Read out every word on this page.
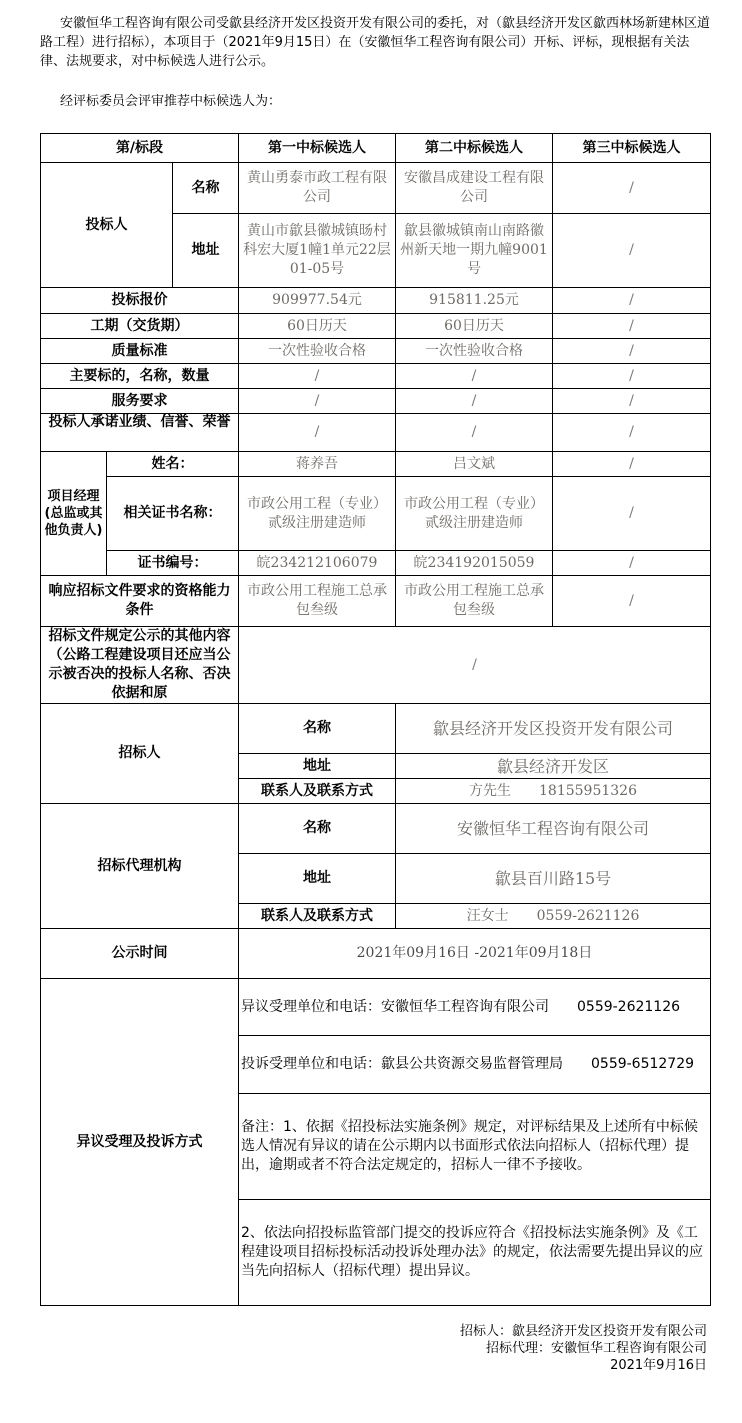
安徽恒华工程咨询有限公司受歙县经济开发区投资开发有限公司的委托，对（歙县经济开发区歙西林场新建林区道路工程）进行招标），本项目于（2021年9月15日）在（安徽恒华工程咨询有限公司）开标、评标，现根据有关法律、法规要求，对中标候选人进行公示。
经评标委员会评审推荐中标候选人为：
第/标段			第一中标候选人	第二中标候选人	第三中标候选人
投标人		名称	黄山勇泰市政工程有限公司	安徽昌成建设工程有限公司	/
		地址	黄山市歙县徽城镇旸村科宏大厦1幢1单元22层01-05号	歙县徽城镇南山南路徽州新天地一期九幢9001号	/
投标报价			909977.54元	915811.25元	/
工期（交货期）			60日历天	60日历天	/
质量标准			一次性验收合格	一次性验收合格	/
主要标的，名称，数量			/	/	/
服务要求			/	/	/
投标人承诺业绩、信誉、荣誉			/	/	/
项目经理(总监或其他负责人)	姓名：		蒋养吾	吕文斌	/
	相关证书名称：		市政公用工程（专业）贰级注册建造师	市政公用工程（专业）贰级注册建造师	/
	证书编号：		皖234212106079	皖234192015059	/
响应招标文件要求的资格能力条件			市政公用工程施工总承包叁级	市政公用工程施工总承包叁级	/

招标文件规定公示的其他内容（公路工程建设项目还应当公示被否决的投标人名称、否决依据和原			/		
招标人			名称	歙县经济开发区投资开发有限公司	
			地址	歙县经济开发区	
			联系人及联系方式	方先生　　18155951326	
招标代理机构			名称	安徽恒华工程咨询有限公司	
			地址	歙县百川路15号	
			联系人及联系方式	汪女士　　0559-2621126	
公示时间			2021年09月16日 -2021年09月18日		
异议受理及投诉方式			异议受理单位和电话：安徽恒华工程咨询有限公司　　0559-2621126		
			投诉受理单位和电话：歙县公共资源交易监督管理局　　0559-6512729		
			备注：1、依据《招投标法实施条例》规定，对评标结果及上述所有中标候选人情况有异议的请在公示期内以书面形式依法向招标人（招标代理）提出，逾期或者不符合法定规定的，招标人一律不予接收。		
			2、依法向招投标监管部门提交的投诉应符合《招投标法实施条例》及《工程建设项目招标投标活动投诉处理办法》的规定，依法需要先提出异议的应当先向招标人（招标代理）提出异议。		
招标人：歙县经济开发区投资开发有限公司
招标代理：安徽恒华工程咨询有限公司
2021年9月16日
